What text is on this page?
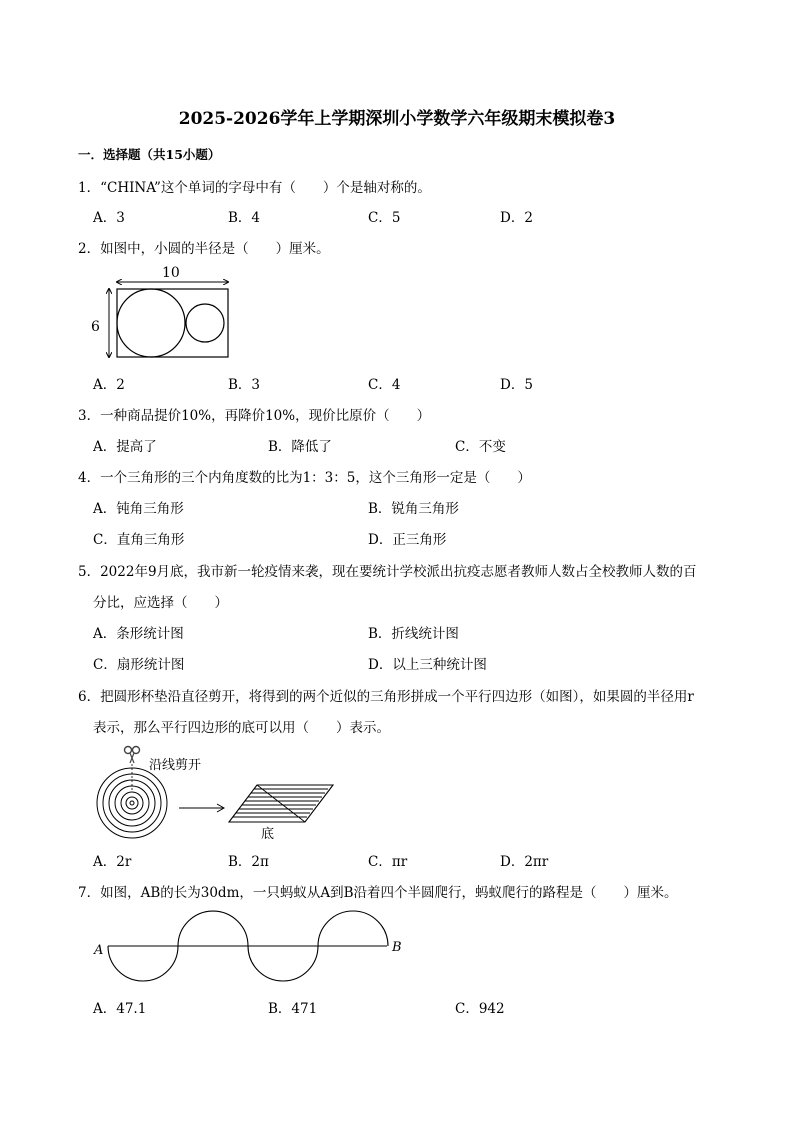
2025-2026学年上学期深圳小学数学六年级期末模拟卷3
一．选择题（共15小题）
1．“CHINA”这个单词的字母中有（　　）个是轴对称的。
A．3	B．4	C．5	D．2
2．如图中，小圆的半径是（　　）厘米。
10
6
A．2	B．3	C．4	D．5
3．一种商品提价10%，再降价10%，现价比原价（　　）
A．提高了	B．降低了	C．不变
4．一个三角形的三个内角度数的比为1：3：5，这个三角形一定是（　　）
A．钝角三角形	B．锐角三角形
C．直角三角形	D．正三角形
5．2022年9月底，我市新一轮疫情来袭，现在要统计学校派出抗疫志愿者教师人数占全校教师人数的百
分比，应选择（　　）
A．条形统计图	B．折线统计图
C．扇形统计图	D．以上三种统计图
6．把圆形杯垫沿直径剪开，将得到的两个近似的三角形拼成一个平行四边形（如图），如果圆的半径用r
表示，那么平行四边形的底可以用（　　）表示。
沿线剪开
底
A．2r	B．2π	C．πr	D．2πr
7．如图，AB的长为30dm，一只蚂蚁从A到B沿着四个半圆爬行，蚂蚁爬行的路程是（　　）厘米。
A	B
A．47.1	B．471	C．942
